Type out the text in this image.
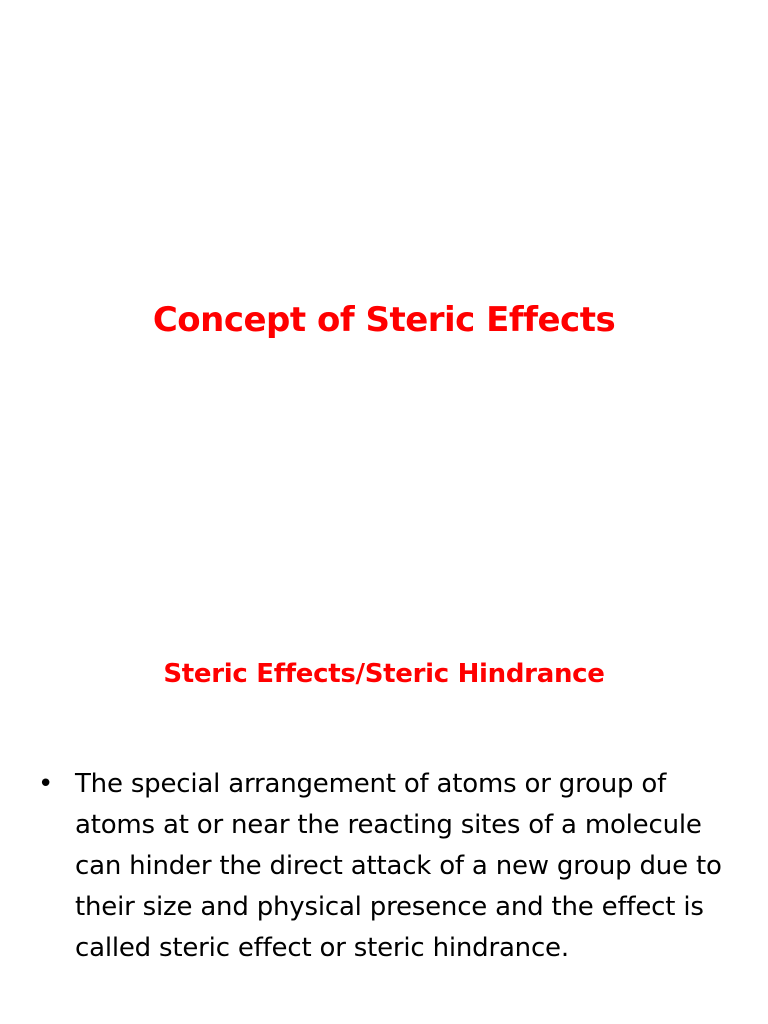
Concept of Steric Effects
Steric Effects/Steric Hindrance
• The special arrangement of atoms or group of atoms at or near the reacting sites of a molecule can hinder the direct attack of a new group due to their size and physical presence and the effect is called steric effect or steric hindrance.
